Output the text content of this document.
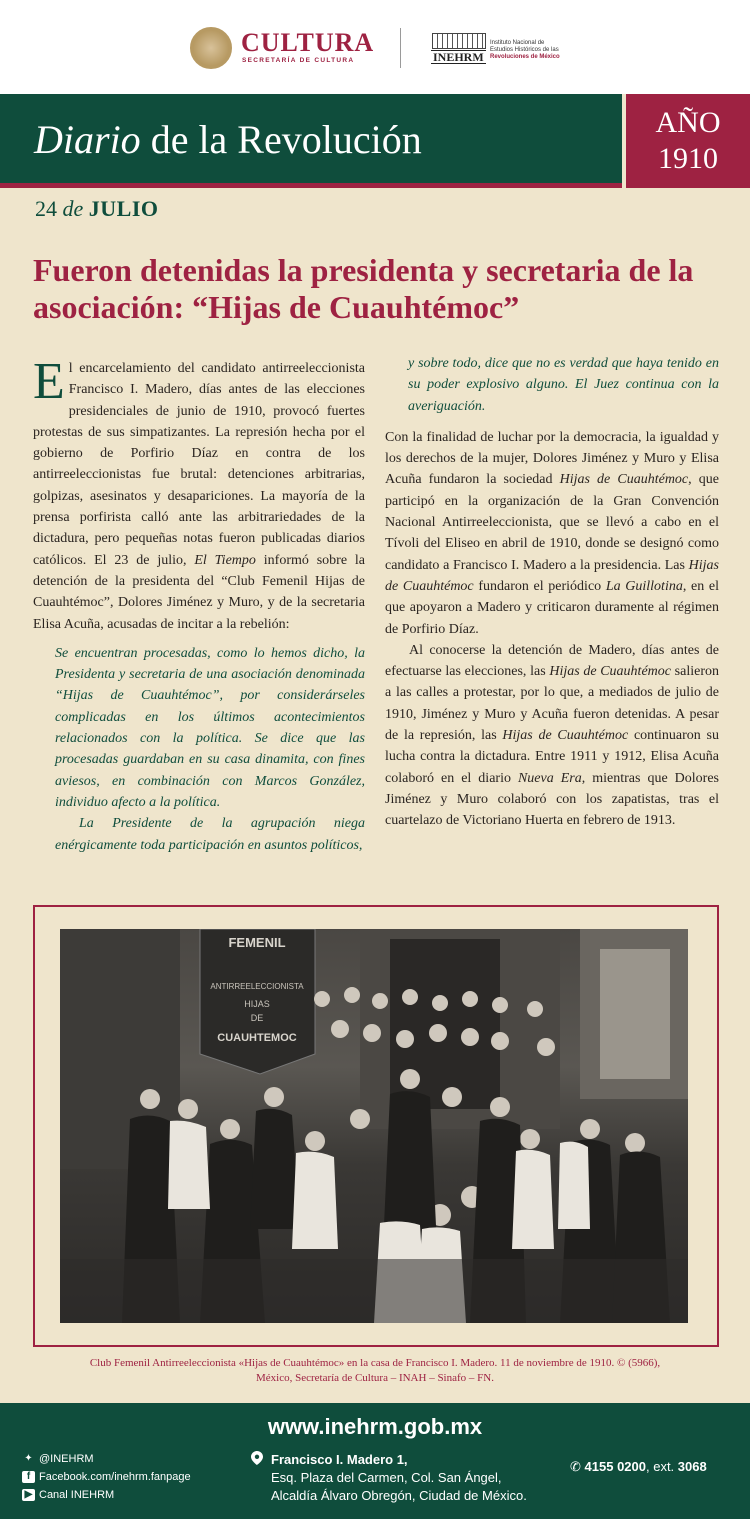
CULTURA
SECRETARÍA DE CULTURA	INEHRM
Instituto Nacional de
Estudios Históricos de las
Revoluciones de México
Diario de la Revolución	AÑO
1910
24 de JULIO
Fueron detenidas la presidenta y secretaria de la asociación: “Hijas de Cuauhtémoc”

El encarcelamiento del candidato antirreeleccionista Francisco I. Madero, días antes de las elecciones presidenciales de junio de 1910, provocó fuertes protestas de sus simpatizantes. La represión hecha por el gobierno de Porfirio Díaz en contra de los antirreeleccionistas fue brutal: detenciones arbitrarias, golpizas, asesinatos y desapariciones. La mayoría de la prensa porfirista calló ante las arbitrariedades de la dictadura, pero pequeñas notas fueron publicadas diarios católicos. El 23 de julio, El Tiempo informó sobre la detención de la presidenta del “Club Femenil Hijas de Cuauhtémoc”, Dolores Jiménez y Muro, y de la secretaria Elisa Acuña, acusadas de incitar a la rebelión:

Se encuentran procesadas, como lo hemos dicho, la Presidenta y secretaria de una asociación denominada “Hijas de Cuauhtémoc”, por considerárseles complicadas en los últimos acontecimientos relacionados con la política. Se dice que las procesadas guardaban en su casa dinamita, con fines aviesos, en combinación con Marcos González, individuo afecto a la política.

La Presidente de la agrupación niega enérgicamente toda participación en asuntos políticos,

y sobre todo, dice que no es verdad que haya tenido en su poder explosivo alguno. El Juez continua con la averiguación.

Con la finalidad de luchar por la democracia, la igualdad y los derechos de la mujer, Dolores Jiménez y Muro y Elisa Acuña fundaron la sociedad Hijas de Cuauhtémoc, que participó en la organización de la Gran Convención Nacional Antirreeleccionista, que se llevó a cabo en el Tívoli del Eliseo en abril de 1910, donde se designó como candidato a Francisco I. Madero a la presidencia. Las Hijas de Cuauhtémoc fundaron el periódico La Guillotina, en el que apoyaron a Madero y criticaron duramente al régimen de Porfirio Díaz.

Al conocerse la detención de Madero, días antes de efectuarse las elecciones, las Hijas de Cuauhtémoc salieron a las calles a protestar, por lo que, a mediados de julio de 1910, Jiménez y Muro y Acuña fueron detenidas. A pesar de la represión, las Hijas de Cuauhtémoc continuaron su lucha contra la dictadura. Entre 1911 y 1912, Elisa Acuña colaboró en el diario Nueva Era, mientras que Dolores Jiménez y Muro colaboró con los zapatistas, tras el cuartelazo de Victoriano Huerta en febrero de 1913.

FEMENIL
ANTIRREELECCIONISTA
HIJAS
DE
CUAUHTEMOC
Club Femenil Antirreeleccionista «Hijas de Cuauhtémoc» en la casa de Francisco I. Madero. 11 de noviembre de 1910. © (5966),
México, Secretaría de Cultura – INAH – Sinafo – FN.
www.inehrm.gob.mx
✦ @INEHRM
f Facebook.com/inehrm.fanpage
▶ Canal INEHRM
Francisco I. Madero 1,
Esq. Plaza del Carmen, Col. San Ángel,
Alcaldía Álvaro Obregón, Ciudad de México.
✆ 4155 0200, ext. 3068
